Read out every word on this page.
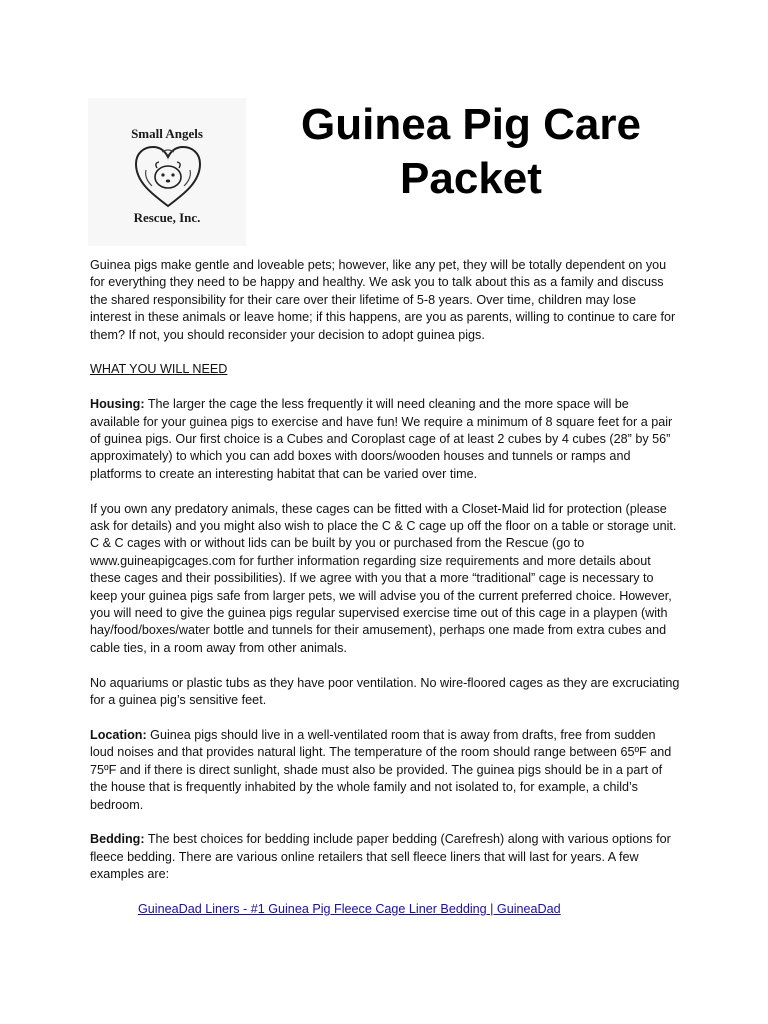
Small Angels
Rescue, Inc.
Guinea Pig Care Packet

Guinea pigs make gentle and loveable pets; however, like any pet, they will be totally dependent on you for everything they need to be happy and healthy. We ask you to talk about this as a family and discuss the shared responsibility for their care over their lifetime of 5-8 years. Over time, children may lose interest in these animals or leave home; if this happens, are you as parents, willing to continue to care for them? If not, you should reconsider your decision to adopt guinea pigs.

WHAT YOU WILL NEED

Housing: The larger the cage the less frequently it will need cleaning and the more space will be available for your guinea pigs to exercise and have fun! We require a minimum of 8 square feet for a pair of guinea pigs. Our first choice is a Cubes and Coroplast cage of at least 2 cubes by 4 cubes (28” by 56” approximately) to which you can add boxes with doors/wooden houses and tunnels or ramps and platforms to create an interesting habitat that can be varied over time.

If you own any predatory animals, these cages can be fitted with a Closet-Maid lid for protection (please ask for details) and you might also wish to place the C & C cage up off the floor on a table or storage unit. C & C cages with or without lids can be built by you or purchased from the Rescue (go to www.guineapigcages.com for further information regarding size requirements and more details about these cages and their possibilities). If we agree with you that a more “traditional” cage is necessary to keep your guinea pigs safe from larger pets, we will advise you of the current preferred choice. However, you will need to give the guinea pigs regular supervised exercise time out of this cage in a playpen (with hay/food/boxes/water bottle and tunnels for their amusement), perhaps one made from extra cubes and cable ties, in a room away from other animals.

No aquariums or plastic tubs as they have poor ventilation. No wire-floored cages as they are excruciating for a guinea pig’s sensitive feet.

Location: Guinea pigs should live in a well-ventilated room that is away from drafts, free from sudden loud noises and that provides natural light. The temperature of the room should range between 65ºF and 75ºF and if there is direct sunlight, shade must also be provided. The guinea pigs should be in a part of the house that is frequently inhabited by the whole family and not isolated to, for example, a child’s bedroom.

Bedding: The best choices for bedding include paper bedding (Carefresh) along with various options for fleece bedding. There are various online retailers that sell fleece liners that will last for years. A few examples are:

GuineaDad Liners - #1 Guinea Pig Fleece Cage Liner Bedding | GuineaDad
